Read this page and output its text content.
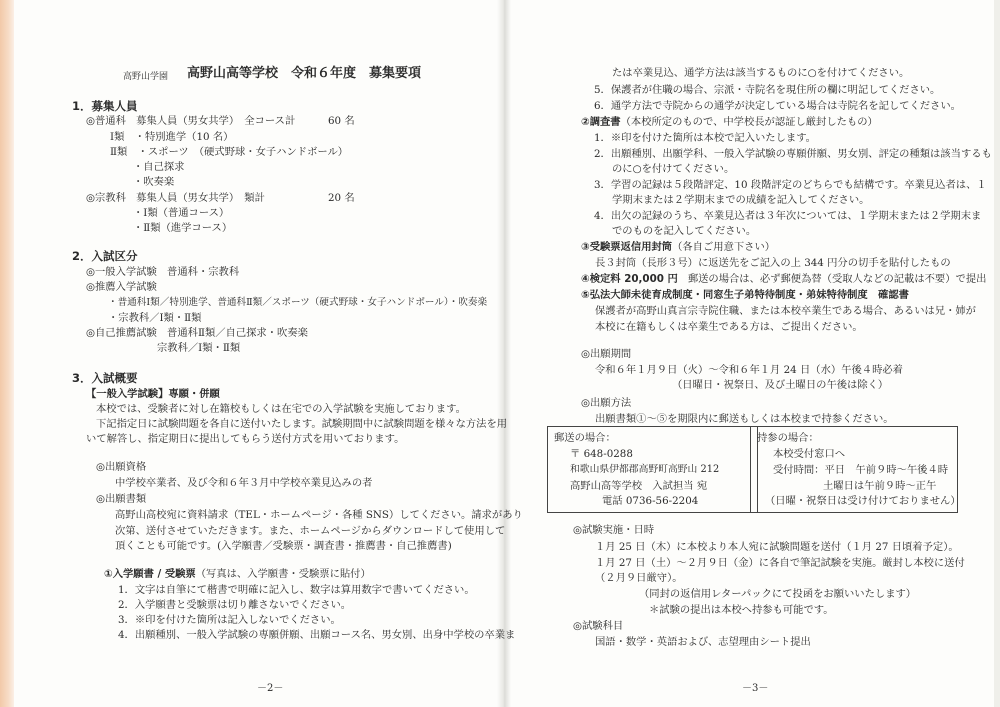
高野山学園 高野山高等学校　令和６年度　募集要項
1．募集人員
◎普通科　募集人員（男女共学）　全コース計	60 名
Ⅰ類　・特別進学（10 名）
Ⅱ類　・スポーツ　（硬式野球・女子ハンドボール）
・自己探求
・吹奏楽
◎宗教科　募集人員（男女共学）　類計	20 名
・Ⅰ類（普通コース）
・Ⅱ類（進学コース）
2．入試区分
◎一般入学試験　普通科・宗教科
◎推薦入学試験
・普通科Ⅰ類／特別進学、普通科Ⅱ類／スポーツ（硬式野球・女子ハンドボール）・吹奏楽
・宗教科／Ⅰ類・Ⅱ類
◎自己推薦試験　普通科Ⅱ類／自己探求・吹奏楽
宗教科／Ⅰ類・Ⅱ類
3．入試概要
【一般入学試験】専願・併願
本校では、受験者に対し在籍校もしくは在宅での入学試験を実施しております。
下記指定日に試験問題を各自に送付いたします。試験期間中に試験問題を様々な方法を用
いて解答し、指定期日に提出してもらう送付方式を用いております。
◎出願資格
中学校卒業者、及び令和６年３月中学校卒業見込みの者
◎出願書類
高野山高校宛に資料請求（TEL・ホームページ・各種 SNS）してください。請求があり
次第、送付させていただきます。また、ホームページからダウンロードして使用して
頂くことも可能です。(入学願書／受験票・調査書・推薦書・自己推薦書)
①入学願書 / 受験票（写真は、入学願書・受験票に貼付）
1．文字は自筆にて楷書で明確に記入し、数字は算用数字で書いてください。
2．入学願書と受験票は切り離さないでください。
3．※印を付けた箇所は記入しないでください。
4．出願種別、一般入学試験の専願併願、出願コース名、男女別、出身中学校の卒業ま
－2－
たは卒業見込、通学方法は該当するものに○を付けてください。
5．保護者が住職の場合、宗派・寺院名を現住所の欄に明記してください。
6．通学方法で寺院からの通学が決定している場合は寺院名を記してください。
②調査書（本校所定のもので、中学校長が認証し厳封したもの）
1．※印を付けた箇所は本校で記入いたします。
2．出願種別、出願学科、一般入学試験の専願併願、男女別、評定の種類は該当するも
のに○を付けてください。
3．学習の記録は５段階評定、10 段階評定のどちらでも結構です。卒業見込者は、１
学期末または２学期末までの成績を記入してください。
4．出欠の記録のうち、卒業見込者は３年次については、１学期末または２学期末ま
でのものを記入してください。
③受験票返信用封筒（各自ご用意下さい）
長３封筒（長形３号）に返送先をご記入の上 344 円分の切手を貼付したもの
④検定料 20,000 円 郵送の場合は、必ず郵便為替（受取人などの記載は不要）で提出
⑤弘法大師未徒育成制度・同窓生子弟特待制度・弟妹特待制度　確認書
保護者が高野山真言宗寺院住職、または本校卒業生である場合、あるいは兄・姉が
本校に在籍もしくは卒業生である方は、ご提出ください。
◎出願期間
令和６年１月９日（火）～令和６年１月 24 日（水）午後４時必着
（日曜日・祝祭日、及び土曜日の午後は除く）
◎出願方法
出願書類①～⑤を期限内に郵送もしくは本校まで持参ください。
郵送の場合：
〒 648-0288
和歌山県伊都郡高野町高野山 212
高野山高等学校　入試担当 宛
電話 0736-56-2204
持参の場合：
本校受付窓口へ
受付時間：平日　午前９時～午後４時
土曜日は午前９時～正午
（日曜・祝祭日は受け付けておりません）
◎試験実施・日時
１月 25 日（木）に本校より本人宛に試験問題を送付（１月 27 日頃着予定）。
１月 27 日（土）～２月９日（金）に各自で筆記試験を実施。厳封し本校に送付
（２月９日厳守）。
（同封の返信用レターパックにて投函をお願いいたします）
＊試験の提出は本校へ持参も可能です。
◎試験科目
国語・数学・英語および、志望理由シート提出
－3－
